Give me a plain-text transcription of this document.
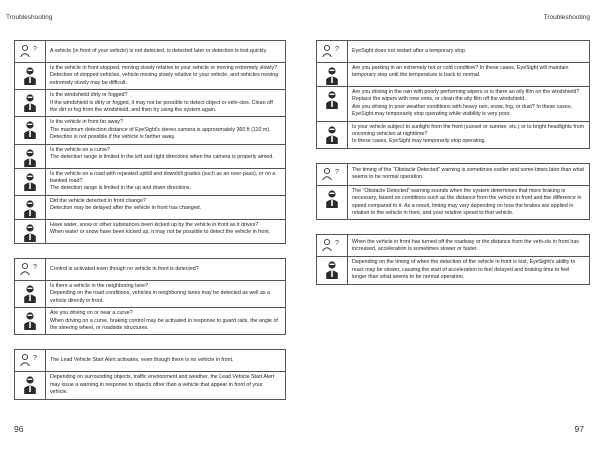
Troubleshooting	Troubleshooting
? A vehicle (in front of your vehicle) is not detected, is detected later or detection is lost quickly.

Is the vehicle in front stopped, moving slowly relative to your vehicle or moving extremely slowly?

Detection of stopped vehicles, vehicle moving slowly relative to your vehicle, and vehicles moving extremely slowly may be difficult.

Is the windshield dirty or fogged?

If the windshield is dirty or fogged, it may not be possible to detect object or vehi-cles. Clean off the dirt or fog from the windshield, and then try using the system again.

Is the vehicle in front far away?

The maximum detection distance of EyeSight's stereo camera is approximately 360 ft (110 m). Detection is not possible if the vehicle is farther away.

Is the vehicle on a curve?

The detection range is limited in the left and right directions when the camera is properly aimed.

Is the vehicle on a road with repeated uphill and downhill grades (such as an over-pass), or on a banked road?

The detection range is limited in the up and down directions.

Did the vehicle detected in front change?

Detection may be delayed after the vehicle in front has changed.

Have water, snow or other substances been kicked up by the vehicle in front as it drives?

When water or snow have been kicked up, it may not be possible to detect the vehicle in front.

? Control is activated even though no vehicle in front is detected?

Is there a vehicle in the neighboring lane?

Depending on the road conditions, vehicles in neighboring lanes may be detected as well as a vehicle directly in front.

Are you driving on or near a curve?

When driving on a curve, braking control may be activated in response to guard rails, the angle of the steering wheel, or roadside structures.

? The Lead Vehicle Start Alert activates, even though there is no vehicle in front.

Depending on surrounding objects, traffic environment and weather, the Lead Vehicle Start Alert may issue a warning in response to objects other than a vehicle that appear in front of your vehicle.

? EyeSight does not restart after a temporary stop.

Are you parking in an extremely hot or cold condition? In these cases, EyeSight will maintain temporary stop until the temperature is back to normal.

Are you driving in the rain with poorly performing wipers or is there an oily film on the windshield?

Replace the wipers with new ones, or clean the oily film off the windshield.

Are you driving in poor weather conditions with heavy rain, snow, fog, or dust? In these cases, EyeSight may temporarily stop operating while visibility is very poor.

Is your vehicle subject to sunlight from the front (sunset or sunrise, etc.) or to bright headlights from oncoming vehicles at nighttime?

In these cases, EyeSight may temporarily stop operating.

? The timing of the “Obstacle Detected” warning is sometimes earlier and some-times later than what seems to be normal operation.

The “Obstacle Detected” warning sounds when the system determines that more braking is necessary, based on conditions such as the distance from the vehicle in front and the difference in speed compared to it. As a result, timing may vary depending on how the brakes are applied in relation to the vehicle in front, and your relative speed to that vehicle.

? When the vehicle in front has turned off the roadway or the distance from the vehi-cle in front has increased, acceleration is sometimes slower or faster.

Depending on the timing of when the detection of the vehicle in front is lost, EyeSight's ability to react may be slower, causing the start of acceleration to feel delayed and braking time to feel longer than what seems to be normal operation.

96	97
